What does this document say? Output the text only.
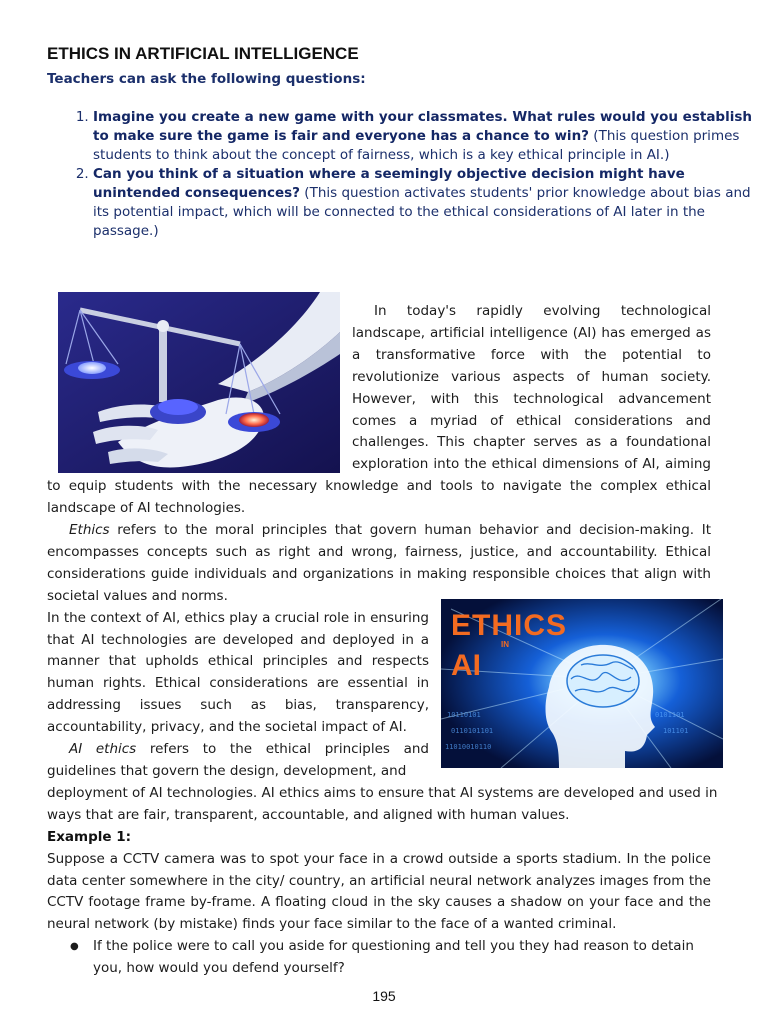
ETHICS IN ARTIFICIAL INTELLIGENCE

Teachers can ask the following questions:

1. Imagine you create a new game with your classmates. What rules would you establish to make sure the game is fair and everyone has a chance to win? (This question primes students to think about the concept of fairness, which is a key ethical principle in AI.)
2. Can you think of a situation where a seemingly objective decision might have unintended consequences? (This question activates students' prior knowledge about bias and its potential impact, which will be connected to the ethical considerations of AI later in the passage.)
10110101
0110101101
11010010110
0101101
101101
ETHICS
IN
AI

In today's rapidly evolving technological landscape, artificial intelligence (AI) has emerged as a transformative force with the potential to revolutionize various aspects of human society. However, with this technological advancement comes a myriad of ethical considerations and challenges. This chapter serves as a foundational exploration into the ethical dimensions of AI, aiming to equip students with the necessary knowledge and tools to navigate the complex ethical landscape of AI technologies.

Ethics refers to the moral principles that govern human behavior and decision-making. It encompasses concepts such as right and wrong, fairness, justice, and accountability. Ethical considerations guide individuals and organizations in making responsible choices that align with societal values and norms.

In the context of AI, ethics play a crucial role in ensuring that AI technologies are developed and deployed in a manner that upholds ethical principles and respects human rights. Ethical considerations are essential in addressing issues such as bias, transparency, accountability, privacy, and the societal impact of AI.

AI ethics refers to the ethical principles and guidelines that govern the design, development, and

deployment of AI technologies. AI ethics aims to ensure that AI systems are developed and used in ways that are fair, transparent, accountable, and aligned with human values.

Example 1:

Suppose a CCTV camera was to spot your face in a crowd outside a sports stadium. In the police data center somewhere in the city/ country, an artificial neural network analyzes images from the CCTV footage frame by-frame. A floating cloud in the sky causes a shadow on your face and the neural network (by mistake) finds your face similar to the face of a wanted criminal.

● If the police were to call you aside for questioning and tell you they had reason to detain you, how would you defend yourself?
195
